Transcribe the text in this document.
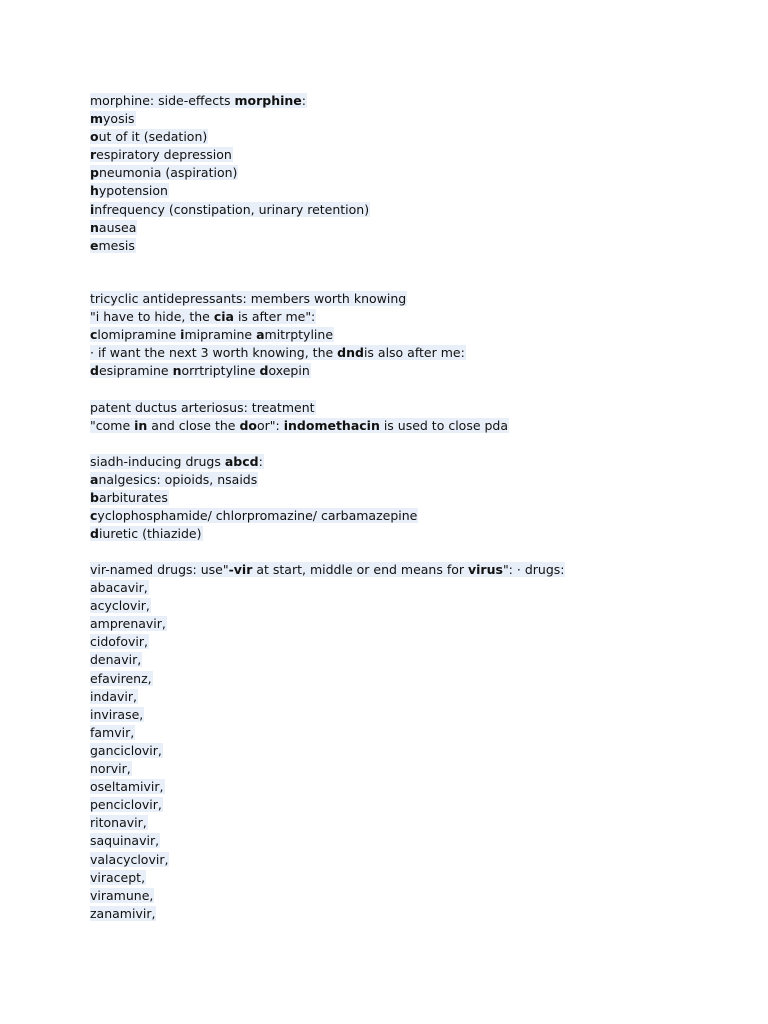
morphine: side-effects morphine:
myosis
out of it (sedation)
respiratory depression
pneumonia (aspiration)
hypotension
infrequency (constipation, urinary retention)
nausea
emesis
tricyclic antidepressants: members worth knowing
"i have to hide, the cia is after me":
clomipramine imipramine amitrptyline
· if want the next 3 worth knowing, the dndis also after me:
desipramine norrtriptyline doxepin
patent ductus arteriosus: treatment
"come in and close the door": indomethacin is used to close pda
siadh-inducing drugs abcd:
analgesics: opioids, nsaids
barbiturates
cyclophosphamide/ chlorpromazine/ carbamazepine
diuretic (thiazide)
vir-named drugs: use"-vir at start, middle or end means for virus": · drugs:
abacavir,
acyclovir,
amprenavir,
cidofovir,
denavir,
efavirenz,
indavir,
invirase,
famvir,
ganciclovir,
norvir,
oseltamivir,
penciclovir,
ritonavir,
saquinavir,
valacyclovir,
viracept,
viramune,
zanamivir,
